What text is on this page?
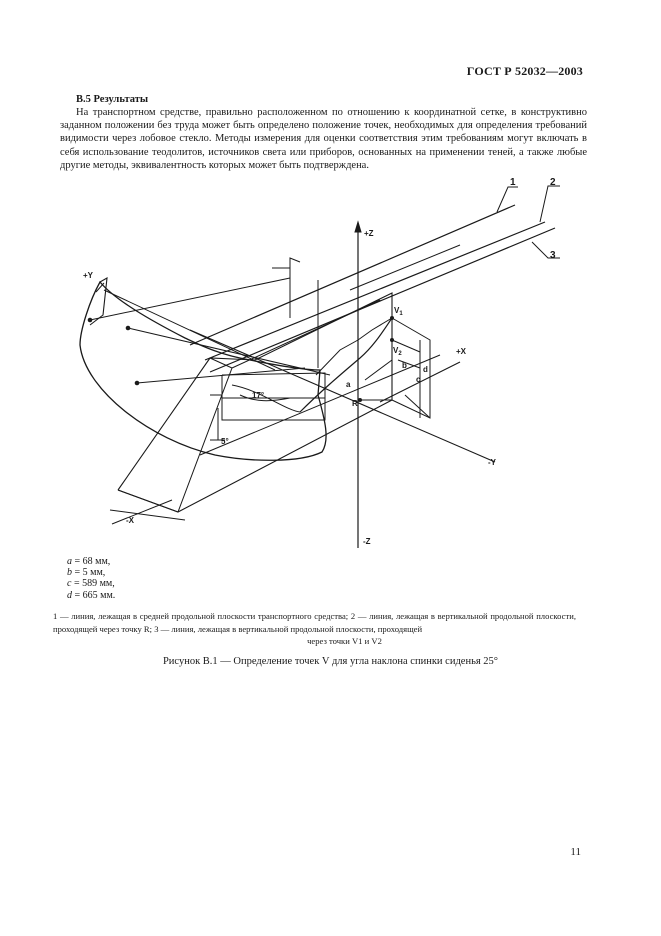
ГОСТ Р 52032—2003
В.5 Результаты

На транспортном средстве, правильно расположенном по отношению к координатной сетке, в конструктивно заданном положении без труда может быть определено положение точек, необходимых для определения требований видимости через лобовое стекло. Методы измерения для оценки соответствия этим требованиям могут включать в себя использование теодолитов, источников света или приборов, основанных на применении теней, а также любые другие методы, эквивалентность которых может быть подтверждена.

1	2
3
+Z
-Z
+Y
-Y
+X
-X
R
a
b
c
d
17°
5°
$V_1$
$V_2$
a = 68 мм,
b = 5 мм,
c = 589 мм,
d = 665 мм.
1 — линия, лежащая в средней продольной плоскости транспортного средства; 2 — линия, лежащая в вертикальной продольной плоскости, проходящей через точку R; 3 — линия, лежащая в вертикальной продольной плоскости, проходящей
через точки V1 и V2
Рисунок В.1 — Определение точек V для угла наклона спинки сиденья 25°
11
